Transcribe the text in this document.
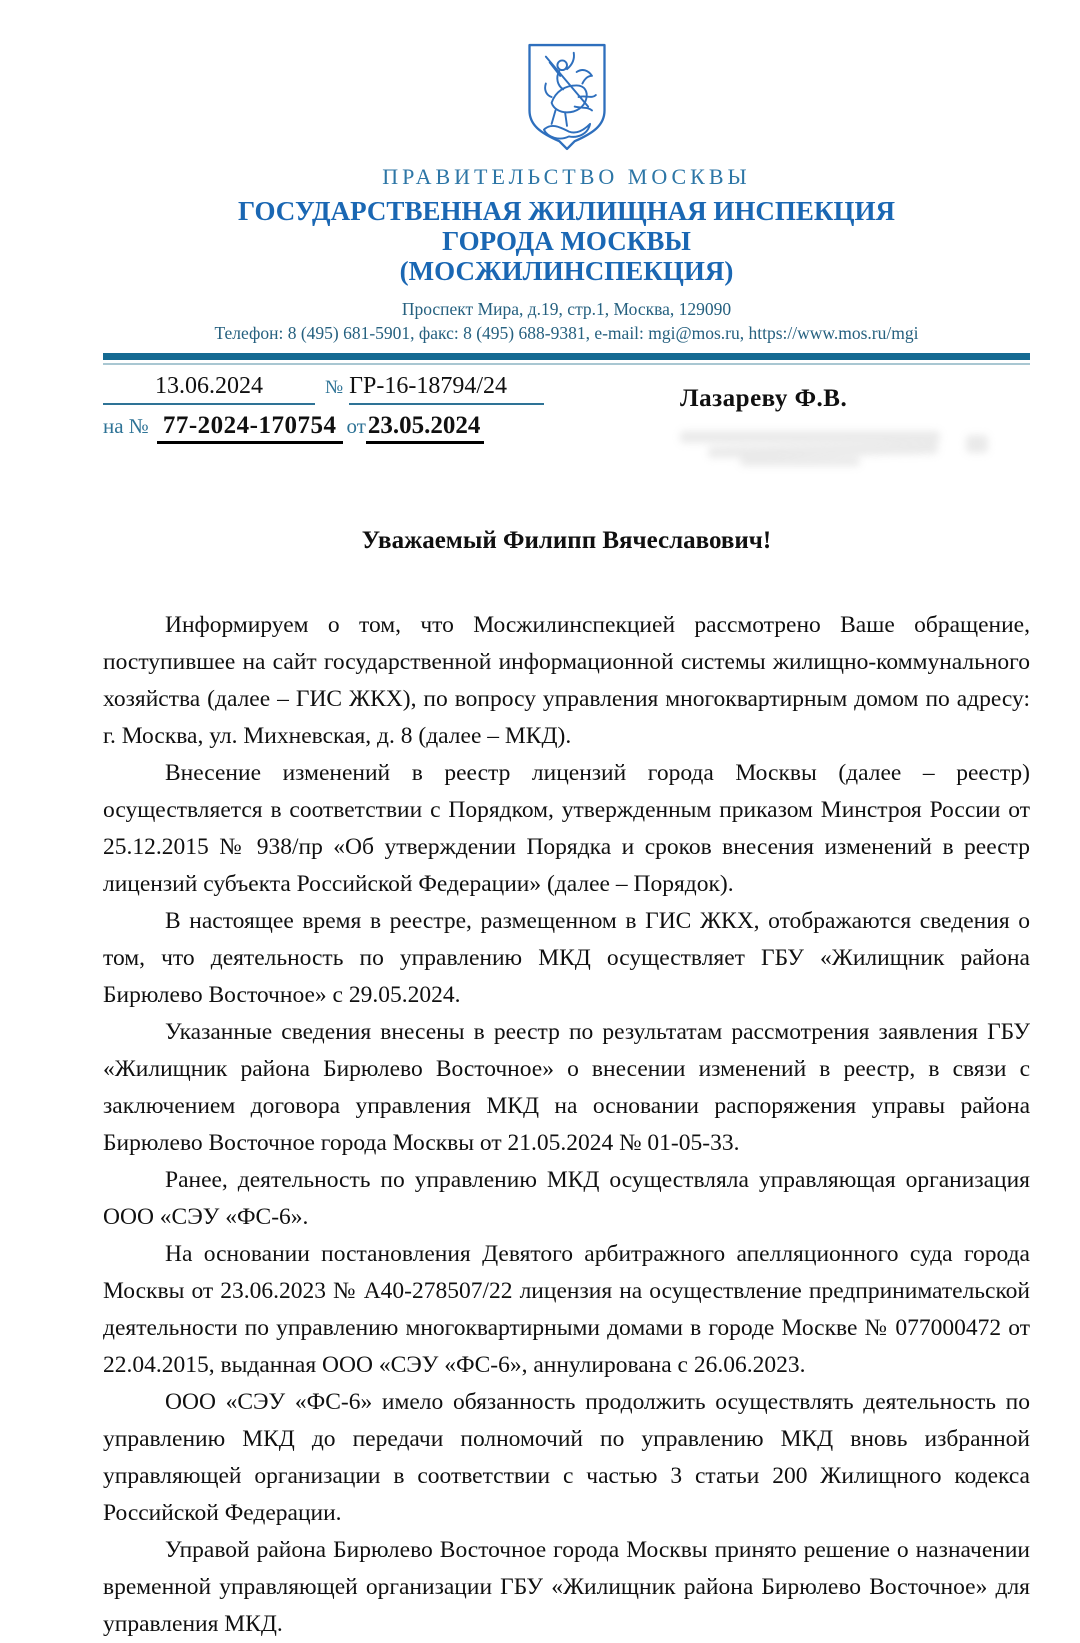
ПРАВИТЕЛЬСТВО МОСКВЫ
ГОСУДАРСТВЕННАЯ ЖИЛИЩНАЯ ИНСПЕКЦИЯ
ГОРОДА МОСКВЫ
(МОСЖИЛИНСПЕКЦИЯ)
Проспект Мира, д.19, стр.1, Москва, 129090
Телефон: 8 (495) 681-5901, факс: 8 (495) 688-9381, e-mail: mgi@mos.ru, https://www.mos.ru/mgi
13.06.2024	№ ГР-16-18794/24
на № 77-2024-170754 от 23.05.2024
Лазареву Ф.В.
Уважаемый Филипп Вячеславович!

Информируем о том, что Мосжилинспекцией рассмотрено Ваше обращение, поступившее на сайт государственной информационной системы жилищно-коммунального хозяйства (далее – ГИС ЖКХ), по вопросу управления многоквартирным домом по адресу: г. Москва, ул. Михневская, д. 8 (далее – МКД).

Внесение изменений в реестр лицензий города Москвы (далее – реестр) осуществляется в соответствии с Порядком, утвержденным приказом Минстроя России от 25.12.2015 № 938/пр «Об утверждении Порядка и сроков внесения изменений в реестр лицензий субъекта Российской Федерации» (далее – Порядок).

В настоящее время в реестре, размещенном в ГИС ЖКХ, отображаются сведения о том, что деятельность по управлению МКД осуществляет ГБУ «Жилищник района Бирюлево Восточное» с 29.05.2024.

Указанные сведения внесены в реестр по результатам рассмотрения заявления ГБУ «Жилищник района Бирюлево Восточное» о внесении изменений в реестр, в связи с заключением договора управления МКД на основании распоряжения управы района Бирюлево Восточное города Москвы от 21.05.2024 № 01-05-33.

Ранее, деятельность по управлению МКД осуществляла управляющая организация ООО «СЭУ «ФС-6».

На основании постановления Девятого арбитражного апелляционного суда города Москвы от 23.06.2023 № А40-278507/22 лицензия на осуществление предпринимательской деятельности по управлению многоквартирными домами в городе Москве № 077000472 от 22.04.2015, выданная ООО «СЭУ «ФС-6», аннулирована с 26.06.2023.

ООО «СЭУ «ФС-6» имело обязанность продолжить осуществлять деятельность по управлению МКД до передачи полномочий по управлению МКД вновь избранной управляющей организации в соответствии с частью 3 статьи 200 Жилищного кодекса Российской Федерации.

Управой района Бирюлево Восточное города Москвы принято решение о назначении временной управляющей организации ГБУ «Жилищник района Бирюлево Восточное» для управления МКД.
